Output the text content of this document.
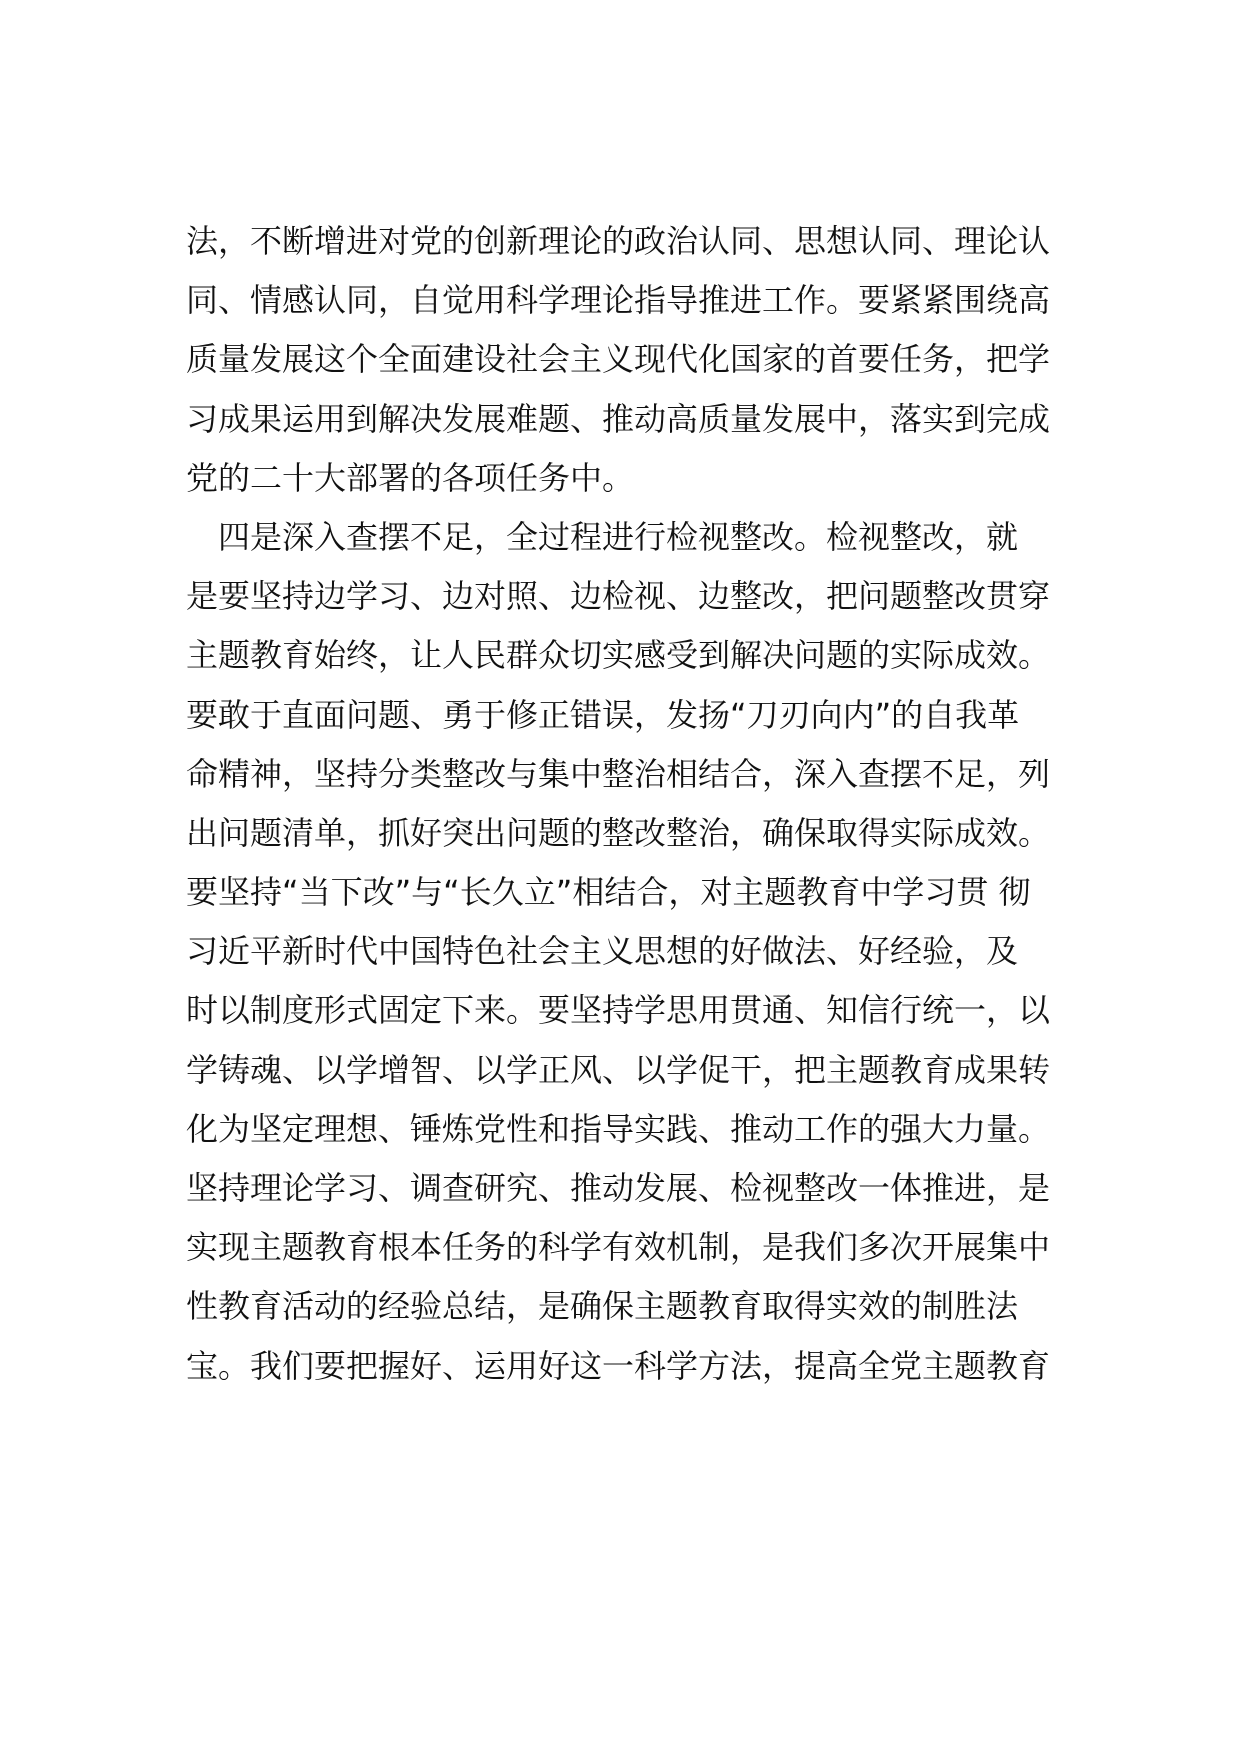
法，不断增进对党的创新理论的政治认同、思想认同、理论认
同、情感认同，自觉用科学理论指导推进工作。要紧紧围绕高
质量发展这个全面建设社会主义现代化国家的首要任务，把学
习成果运用到解决发展难题、推动高质量发展中，落实到完成
党的二十大部署的各项任务中。
　四是深入查摆不足，全过程进行检视整改。检视整改，就
是要坚持边学习、边对照、边检视、边整改，把问题整改贯穿
主题教育始终，让人民群众切实感受到解决问题的实际成效。
要敢于直面问题、勇于修正错误，发扬“刀刃向内”的自我革
命精神，坚持分类整改与集中整治相结合，深入查摆不足，列
出问题清单，抓好突出问题的整改整治，确保取得实际成效。
要坚持“当下改”与“长久立”相结合，对主题教育中学习贯 彻
习近平新时代中国特色社会主义思想的好做法、好经验，及
时以制度形式固定下来。要坚持学思用贯通、知信行统一，以
学铸魂、以学增智、以学正风、以学促干，把主题教育成果转
化为坚定理想、锤炼党性和指导实践、推动工作的强大力量。
坚持理论学习、调查研究、推动发展、检视整改一体推进，是
实现主题教育根本任务的科学有效机制，是我们多次开展集中
性教育活动的经验总结，是确保主题教育取得实效的制胜法
宝。我们要把握好、运用好这一科学方法，提高全党主题教育
